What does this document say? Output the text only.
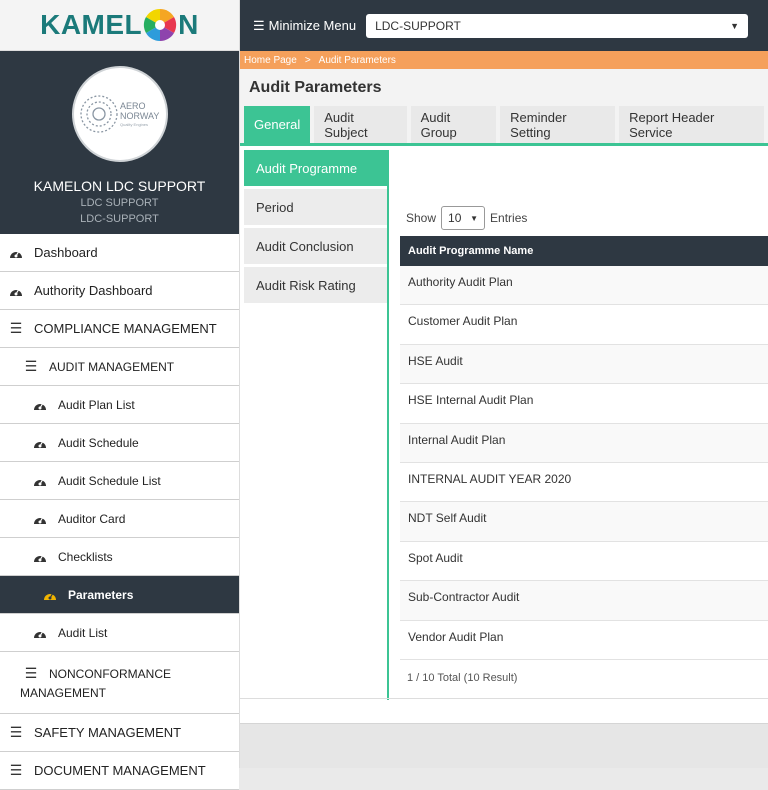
KAMEL N
AERO
NORWAY
Quality Engines
KAMELON LDC SUPPORT
LDC SUPPORT
LDC-SUPPORT
Dashboard
Authority Dashboard
☰ COMPLIANCE MANAGEMENT
☰ AUDIT MANAGEMENT
Audit Plan List
Audit Schedule
Audit Schedule List
Auditor Card
Checklists
Parameters
Audit List
☰ NONCONFORMANCE
MANAGEMENT
☰ SAFETY MANAGEMENT
☰ DOCUMENT MANAGEMENT
☰ Minimize Menu LDC-SUPPORT	▼
Home Page > Audit Parameters
Audit Parameters
General	Audit Subject
Audit Group
Reminder Setting
Report Header Service
Audit Programme
Period
Audit Conclusion
Audit Risk Rating
Show 10 ▼ Entries
Audit Programme Name
Authority Audit Plan
Customer Audit Plan
HSE Audit
HSE Internal Audit Plan
Internal Audit Plan
INTERNAL AUDIT YEAR 2020
NDT Self Audit
Spot Audit
Sub-Contractor Audit
Vendor Audit Plan
1 / 10 Total (10 Result)
